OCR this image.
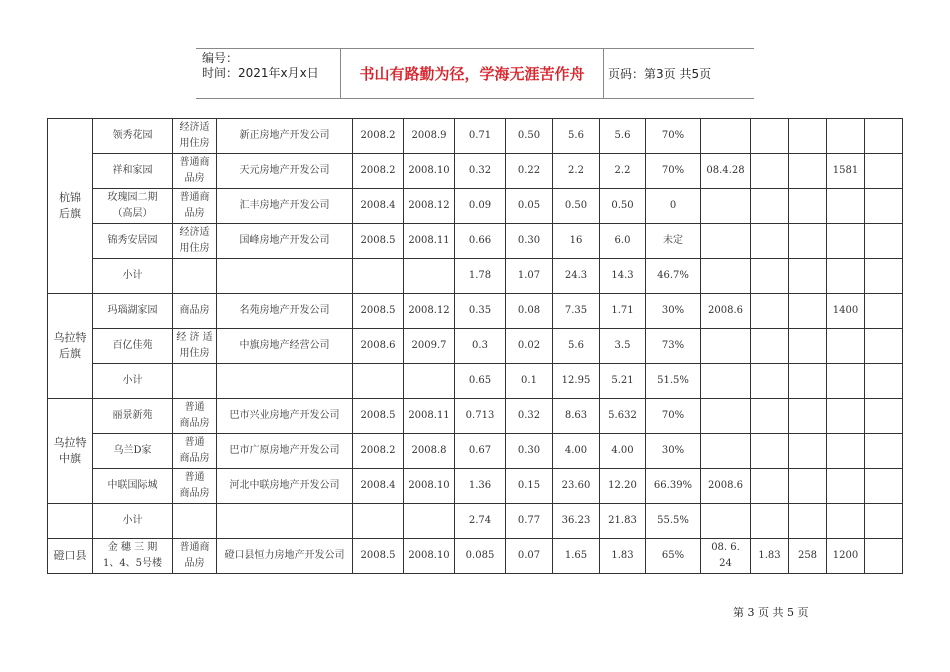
编号：
时间：2021年x月x日	书山有路勤为径，学海无涯苦作舟	页码：第3页 共5页
杭锦
后旗	领秀花园	经济适
用住房	新正房地产开发公司	2008.2	2008.9	0.71	0.50	5.6	5.6	70%					
	祥和家园	普通商
品房	天元房地产开发公司	2008.2	2008.10	0.32	0.22	2.2	2.2	70%	08.4.28			1581	
	玫瑰园二期
（高层）	普通商
品房	汇丰房地产开发公司	2008.4	2008.12	0.09	0.05	0.50	0.50	0					
	锦秀安居园	经济适
用住房	国峰房地产开发公司	2008.5	2008.11	0.66	0.30	16	6.0	未定					
	小计					1.78	1.07	24.3	14.3	46.7%					
乌拉特
后旗	玛瑙湖家园	商品房	名苑房地产开发公司	2008.5	2008.12	0.35	0.08	7.35	1.71	30%	2008.6			1400	
	百亿佳苑	经 济 适
用住房	中旗房地产经营公司	2008.6	2009.7	0.3	0.02	5.6	3.5	73%					
	小计					0.65	0.1	12.95	5.21	51.5%					
乌拉特
中旗	丽景新苑	普通
商品房	巴市兴业房地产开发公司	2008.5	2008.11	0.713	0.32	8.63	5.632	70%					
	乌兰D家	普通
商品房	巴市广原房地产开发公司	2008.2	2008.8	0.67	0.30	4.00	4.00	30%					
	中联国际城	普通
商品房	河北中联房地产开发公司	2008.4	2008.10	1.36	0.15	23.60	12.20	66.39%	2008.6				
	小计					2.74	0.77	36.23	21.83	55.5%					
磴口县	金 穗 三 期
1、4、5号楼	普通商
品房	磴口县恒力房地产开发公司	2008.5	2008.10	0.085	0.07	1.65	1.83	65%	08. 6.
24	1.83	258	1200	
第 3 页 共 5 页
